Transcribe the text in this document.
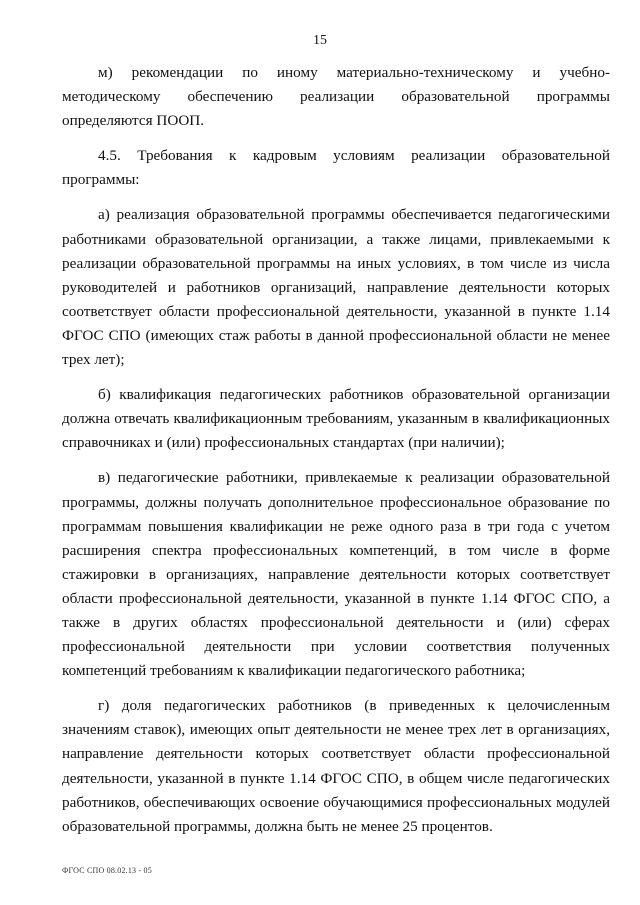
15

м) рекомендации по иному материально-техническому и учебно-методическому обеспечению реализации образовательной программы определяются ПООП.

4.5. Требования к кадровым условиям реализации образовательной программы:

а) реализация образовательной программы обеспечивается педагогическими работниками образовательной организации, а также лицами, привлекаемыми к реализации образовательной программы на иных условиях, в том числе из числа руководителей и работников организаций, направление деятельности которых соответствует области профессиональной деятельности, указанной в пункте 1.14 ФГОС СПО (имеющих стаж работы в данной профессиональной области не менее трех лет);

б) квалификация педагогических работников образовательной организации должна отвечать квалификационным требованиям, указанным в квалификационных справочниках и (или) профессиональных стандартах (при наличии);

в) педагогические работники, привлекаемые к реализации образовательной программы, должны получать дополнительное профессиональное образование по программам повышения квалификации не реже одного раза в три года с учетом расширения спектра профессиональных компетенций, в том числе в форме стажировки в организациях, направление деятельности которых соответствует области профессиональной деятельности, указанной в пункте 1.14 ФГОС СПО, а также в других областях профессиональной деятельности и (или) сферах профессиональной деятельности при условии соответствия полученных компетенций требованиям к квалификации педагогического работника;

г) доля педагогических работников (в приведенных к целочисленным значениям ставок), имеющих опыт деятельности не менее трех лет в организациях, направление деятельности которых соответствует области профессиональной деятельности, указанной в пункте 1.14 ФГОС СПО, в общем числе педагогических работников, обеспечивающих освоение обучающимися профессиональных модулей образовательной программы, должна быть не менее 25 процентов.

ФГОС СПО 08.02.13 - 05
